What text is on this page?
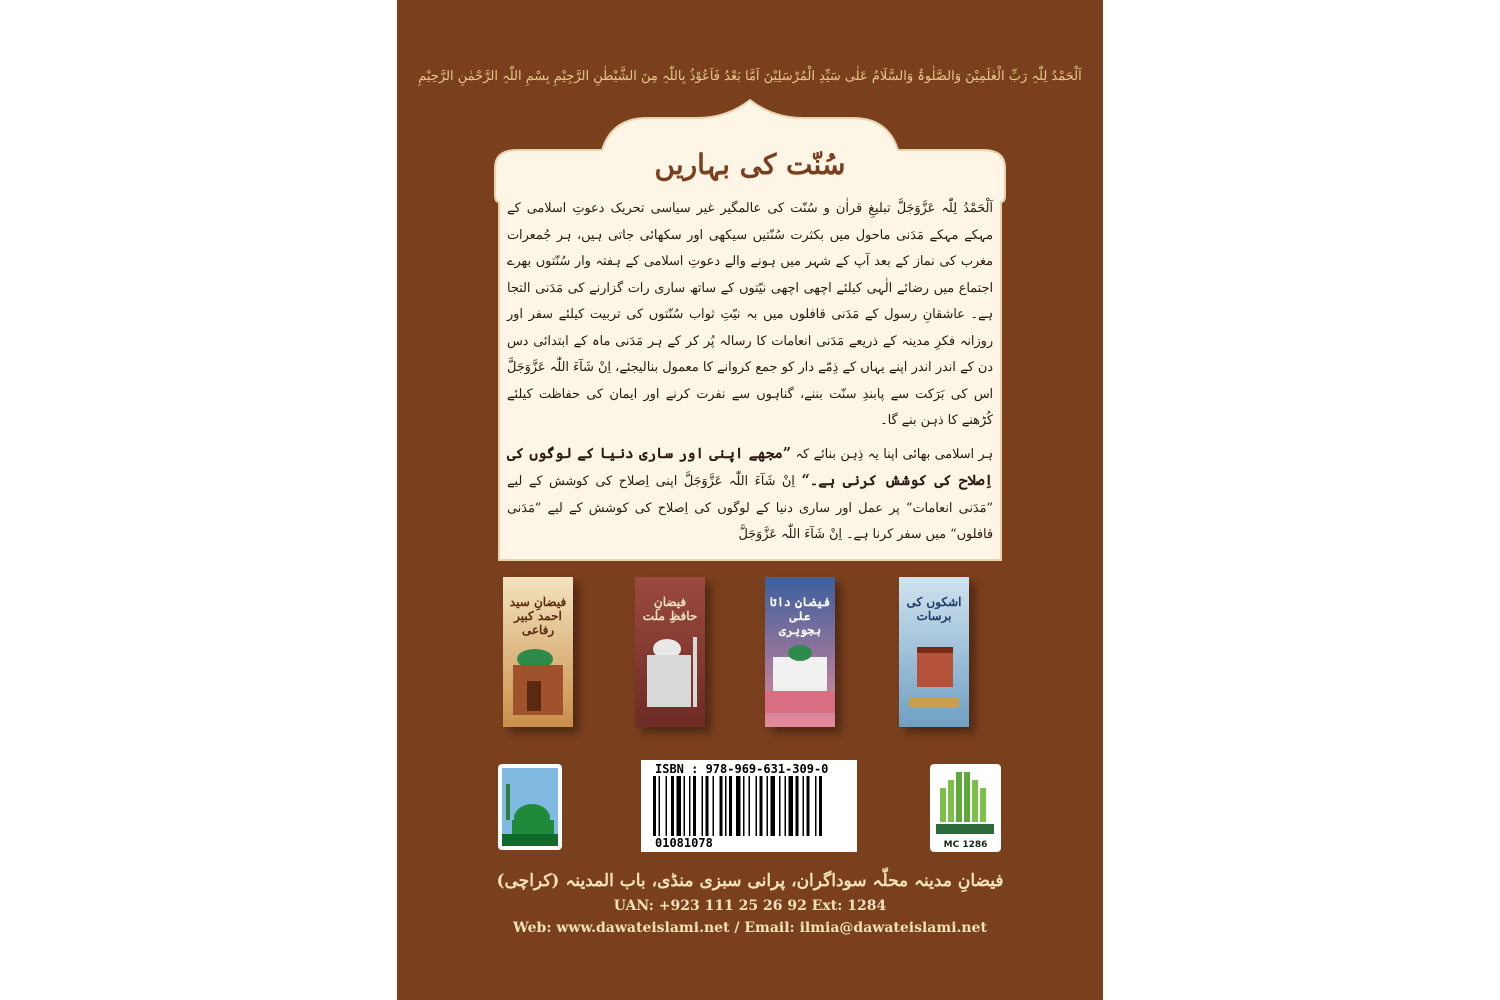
اَلْحَمْدُ لِلّٰہِ رَبِّ الْعٰلَمِیْنَ وَالصَّلٰوۃُ وَالسَّلَامُ عَلٰی سَیِّدِ الْمُرْسَلِیْنَ اَمَّا بَعْدُ فَاَعُوْذُ بِاللّٰہِ مِنَ الشَّیْطٰنِ الرَّجِیْمِ بِسْمِ اللّٰہِ الرَّحْمٰنِ الرَّحِیْمِ
سُنّت کی بہاریں

اَلْحَمْدُ لِلّٰہ عَزَّوَجَلَّ تبلیغِ قراٰن و سُنّت کی عالمگیر غیر سیاسی تحریک دعوتِ اسلامی کے مہکے مہکے مَدَنی ماحول میں بکثرت سُنّتیں سیکھی اور سکھائی جاتی ہیں، ہر جُمعرات مغرب کی نماز کے بعد آپ کے شہر میں ہونے والے دعوتِ اسلامی کے ہفتہ وار سُنّتوں بھرے اجتماع میں رضائے الٰہی کیلئے اچھی اچھی نیّتوں کے ساتھ ساری رات گزارنے کی مَدَنی التجا ہے۔ عاشقانِ رسول کے مَدَنی قافلوں میں بہ نیّتِ ثواب سُنّتوں کی تربیت کیلئے سفر اور روزانہ فکرِ مدینہ کے ذریعے مَدَنی انعامات کا رسالہ پُر کر کے ہر مَدَنی ماہ کے ابتدائی دس دن کے اندر اندر اپنے یہاں کے ذِمّے دار کو جمع کروانے کا معمول بنالیجئے، اِنْ شَآءَ اللّٰہ عَزَّوَجَلَّ اس کی بَرَکت سے پابندِ سنّت بننے، گناہوں سے نفرت کرنے اور ایمان کی حفاظت کیلئے کُڑھنے کا ذہن بنے گا۔

ہر اسلامی بھائی اپنا یہ ذِہن بنائے کہ ”مجھے اپنی اور ساری دنیا کے لوگوں کی اِصلاح کی کوشش کرنی ہے۔“ اِنْ شَآءَ اللّٰہ عَزَّوَجَلَّ اپنی اِصلاح کی کوشش کے لیے ”مَدَنی انعامات“ پر عمل اور ساری دنیا کے لوگوں کی اِصلاح کی کوشش کے لیے ”مَدَنی قافلوں“ میں سفر کرنا ہے۔ اِنْ شَآءَ اللّٰہ عَزَّوَجَلَّ

فیضانِ سید احمد کبیر رفاعی
فیضانِ حافظِ ملت
فیضانِ داتا علی ہجویری
اشکوں کی برسات
ISBN : 978-969-631-309-0
01081078	MC 1286
فیضانِ مدینہ محلّہ سوداگران، پرانی سبزی منڈی، باب المدینہ (کراچی)
UAN: +923 111 25 26 92 Ext: 1284
Web: www.dawateislami.net / Email: ilmia@dawateislami.net
